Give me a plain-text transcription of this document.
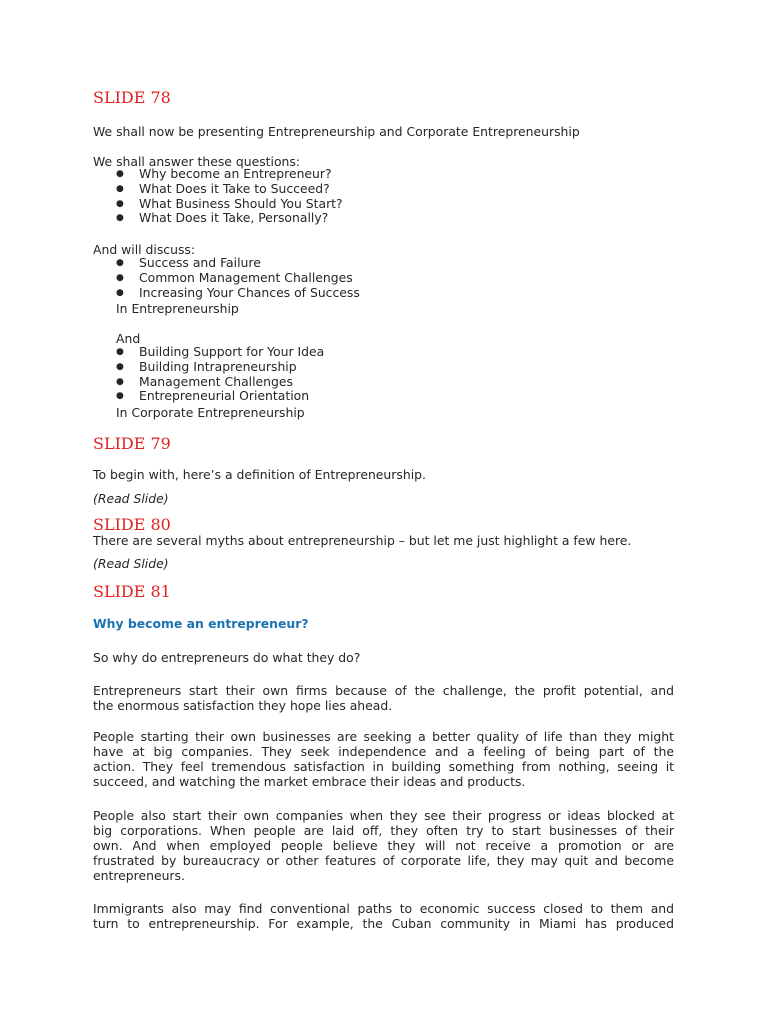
SLIDE 78

We shall now be presenting Entrepreneurship and Corporate Entrepreneurship

We shall answer these questions:

● Why become an Entrepreneur?
● What Does it Take to Succeed?
● What Business Should You Start?
● What Does it Take, Personally?

And will discuss:

● Success and Failure
● Common Management Challenges
● Increasing Your Chances of Success

In Entrepreneurship

And

● Building Support for Your Idea
● Building Intrapreneurship
● Management Challenges
● Entrepreneurial Orientation

In Corporate Entrepreneurship

SLIDE 79

To begin with, here’s a definition of Entrepreneurship.

(Read Slide)

SLIDE 80

There are several myths about entrepreneurship – but let me just highlight a few here.

(Read Slide)

SLIDE 81

Why become an entrepreneur?

So why do entrepreneurs do what they do?

Entrepreneurs start their own firms because of the challenge, the profit potential, and
the enormous satisfaction they hope lies ahead.
People starting their own businesses are seeking a better quality of life than they might
have at big companies. They seek independence and a feeling of being part of the
action. They feel tremendous satisfaction in building something from nothing, seeing it
succeed, and watching the market embrace their ideas and products.
People also start their own companies when they see their progress or ideas blocked at
big corporations. When people are laid off, they often try to start businesses of their
own. And when employed people believe they will not receive a promotion or are
frustrated by bureaucracy or other features of corporate life, they may quit and become
entrepreneurs.
Immigrants also may find conventional paths to economic success closed to them and
turn to entrepreneurship. For example, the Cuban community in Miami has produced
